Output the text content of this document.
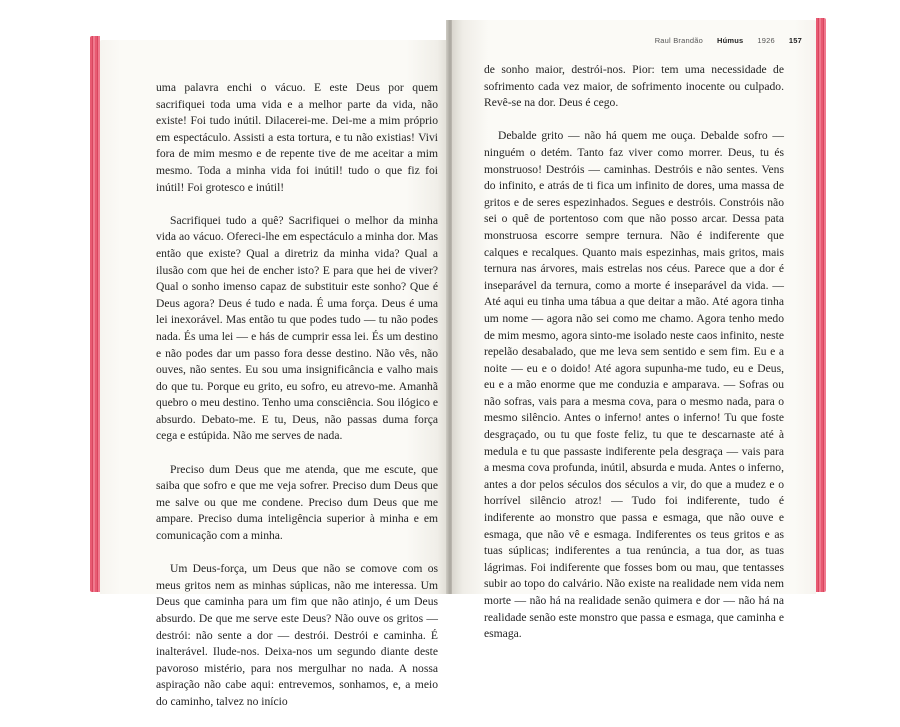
uma palavra enchi o vácuo. E este Deus por quem sacrifiquei toda uma vida e a melhor parte da vida, não existe! Foi tudo inútil. Dilacerei-me. Dei-me a mim próprio em espectáculo. Assisti a esta tortura, e tu não existias! Vivi fora de mim mesmo e de repente tive de me aceitar a mim mesmo. Toda a minha vida foi inútil! tudo o que fiz foi inútil! Foi grotesco e inútil!

Sacrifiquei tudo a quê? Sacrifiquei o melhor da minha vida ao vácuo. Ofereci-lhe em espectáculo a minha dor. Mas então que existe? Qual a diretriz da minha vida? Qual a ilusão com que hei de encher isto? E para que hei de viver? Qual o sonho imenso capaz de substituir este sonho? Que é Deus agora? Deus é tudo e nada. É uma força. Deus é uma lei inexorável. Mas então tu que podes tudo — tu não podes nada. És uma lei — e hás de cumprir essa lei. És um destino e não podes dar um passo fora desse destino. Não vês, não ouves, não sentes. Eu sou uma insignificância e valho mais do que tu. Porque eu grito, eu sofro, eu atrevo-me. Amanhã quebro o meu destino. Tenho uma consciência. Sou ilógico e absurdo. Debato-me. E tu, Deus, não passas duma força cega e estúpida. Não me serves de nada.

Preciso dum Deus que me atenda, que me escute, que saiba que sofro e que me veja sofrer. Preciso dum Deus que me salve ou que me condene. Preciso dum Deus que me ampare. Preciso duma inteligência superior à minha e em comunicação com a minha.

Um Deus-força, um Deus que não se comove com os meus gritos nem as minhas súplicas, não me interessa. Um Deus que caminha para um fim que não atinjo, é um Deus absurdo. De que me serve este Deus? Não ouve os gritos — destrói: não sente a dor — destrói. Destrói e caminha. É inalterável. Ilude-nos. Deixa-nos um segundo diante deste pavoroso mistério, para nos mergulhar no nada. A nossa aspiração não cabe aqui: entrevemos, sonhamos, e, a meio do caminho, talvez no início

Raul Brandão Húmus 1926 157

de sonho maior, destrói-nos. Pior: tem uma necessidade de sofrimento cada vez maior, de sofrimento inocente ou culpado. Revê-se na dor. Deus é cego.

Debalde grito — não há quem me ouça. Debalde sofro — ninguém o detém. Tanto faz viver como morrer. Deus, tu és monstruoso! Destróis — caminhas. Destróis e não sentes. Vens do infinito, e atrás de ti fica um infinito de dores, uma massa de gritos e de seres espezinhados. Segues e destróis. Constróis não sei o quê de portentoso com que não posso arcar. Dessa pata monstruosa escorre sempre ternura. Não é indiferente que calques e recalques. Quanto mais espezinhas, mais gritos, mais ternura nas árvores, mais estrelas nos céus. Parece que a dor é inseparável da ternura, como a morte é inseparável da vida. — Até aqui eu tinha uma tábua a que deitar a mão. Até agora tinha um nome — agora não sei como me chamo. Agora tenho medo de mim mesmo, agora sinto-me isolado neste caos infinito, neste repelão desabalado, que me leva sem sentido e sem fim. Eu e a noite — eu e o doido! Até agora supunha-me tudo, eu e Deus, eu e a mão enorme que me conduzia e amparava. — Sofras ou não sofras, vais para a mesma cova, para o mesmo nada, para o mesmo silêncio. Antes o inferno! antes o inferno! Tu que foste desgraçado, ou tu que foste feliz, tu que te descarnaste até à medula e tu que passaste indiferente pela desgraça — vais para a mesma cova profunda, inútil, absurda e muda. Antes o inferno, antes a dor pelos séculos dos séculos a vir, do que a mudez e o horrível silêncio atroz! — Tudo foi indiferente, tudo é indiferente ao monstro que passa e esmaga, que não ouve e esmaga, que não vê e esmaga. Indiferentes os teus gritos e as tuas súplicas; indiferentes a tua renúncia, a tua dor, as tuas lágrimas. Foi indiferente que fosses bom ou mau, que tentasses subir ao topo do calvário. Não existe na realidade nem vida nem morte — não há na realidade senão quimera e dor — não há na realidade senão este monstro que passa e esmaga, que caminha e esmaga.
